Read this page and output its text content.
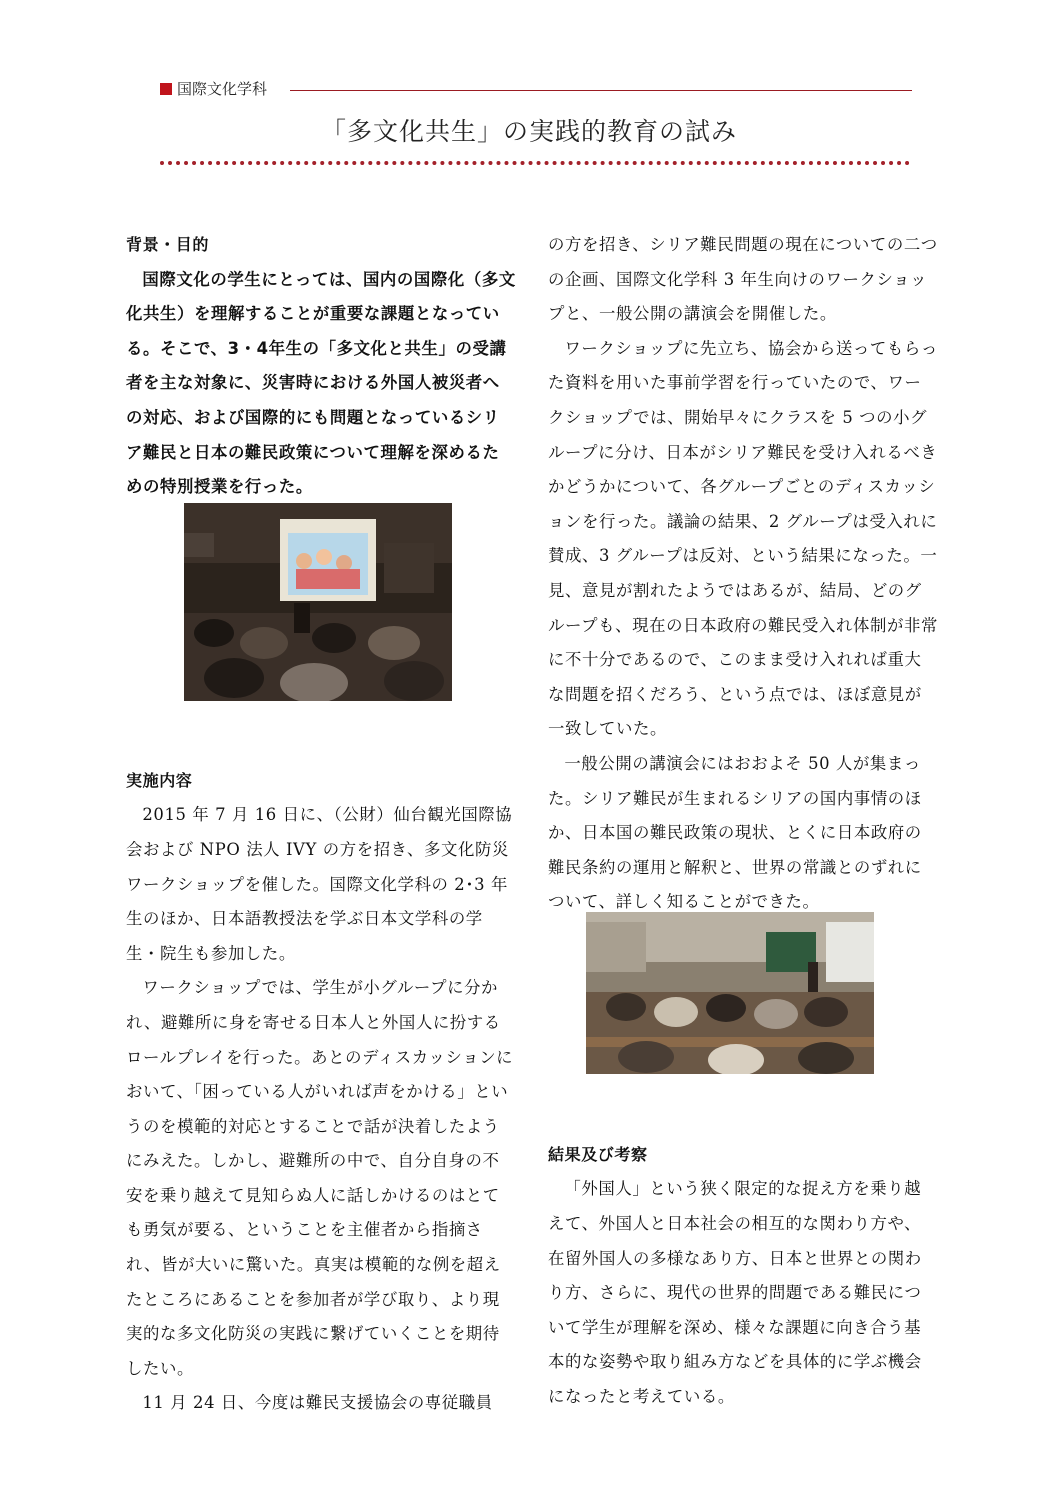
国際文化学科
「多文化共生」の実践的教育の試み

背景・目的

国際文化の学生にとっては、国内の国際化（多文化共生）を理解することが重要な課題となっている。そこで、3・4年生の「多文化と共生」の受講者を主な対象に、災害時における外国人被災者への対応、および国際的にも問題となっているシリア難民と日本の難民政策について理解を深めるための特別授業を行った。

実施内容

2015 年 7 月 16 日に、（公財）仙台観光国際協会および NPO 法人 IVY の方を招き、多文化防災ワークショップを催した。国際文化学科の 2･3 年生のほか、日本語教授法を学ぶ日本文学科の学生・院生も参加した。

ワークショップでは、学生が小グループに分かれ、避難所に身を寄せる日本人と外国人に扮するロールプレイを行った。あとのディスカッションにおいて、「困っている人がいれば声をかける」というのを模範的対応とすることで話が決着したようにみえた。しかし、避難所の中で、自分自身の不安を乗り越えて見知らぬ人に話しかけるのはとても勇気が要る、ということを主催者から指摘され、皆が大いに驚いた。真実は模範的な例を超えたところにあることを参加者が学び取り、より現実的な多文化防災の実践に繋げていくことを期待したい。

11 月 24 日、今度は難民支援協会の専従職員

の方を招き、シリア難民問題の現在についての二つの企画、国際文化学科 3 年生向けのワークショップと、一般公開の講演会を開催した。

ワークショップに先立ち、協会から送ってもらった資料を用いた事前学習を行っていたので、ワークショップでは、開始早々にクラスを 5 つの小グループに分け、日本がシリア難民を受け入れるべきかどうかについて、各グループごとのディスカッションを行った。議論の結果、2 グループは受入れに賛成、3 グループは反対、という結果になった。一見、意見が割れたようではあるが、結局、どのグループも、現在の日本政府の難民受入れ体制が非常に不十分であるので、このまま受け入れれば重大な問題を招くだろう、という点では、ほぼ意見が一致していた。

一般公開の講演会にはおおよそ 50 人が集まった。シリア難民が生まれるシリアの国内事情のほか、日本国の難民政策の現状、とくに日本政府の難民条約の運用と解釈と、世界の常識とのずれについて、詳しく知ることができた。

結果及び考察

「外国人」という狭く限定的な捉え方を乗り越えて、外国人と日本社会の相互的な関わり方や、在留外国人の多様なあり方、日本と世界との関わり方、さらに、現代の世界的問題である難民について学生が理解を深め、様々な課題に向き合う基本的な姿勢や取り組み方などを具体的に学ぶ機会になったと考えている。
